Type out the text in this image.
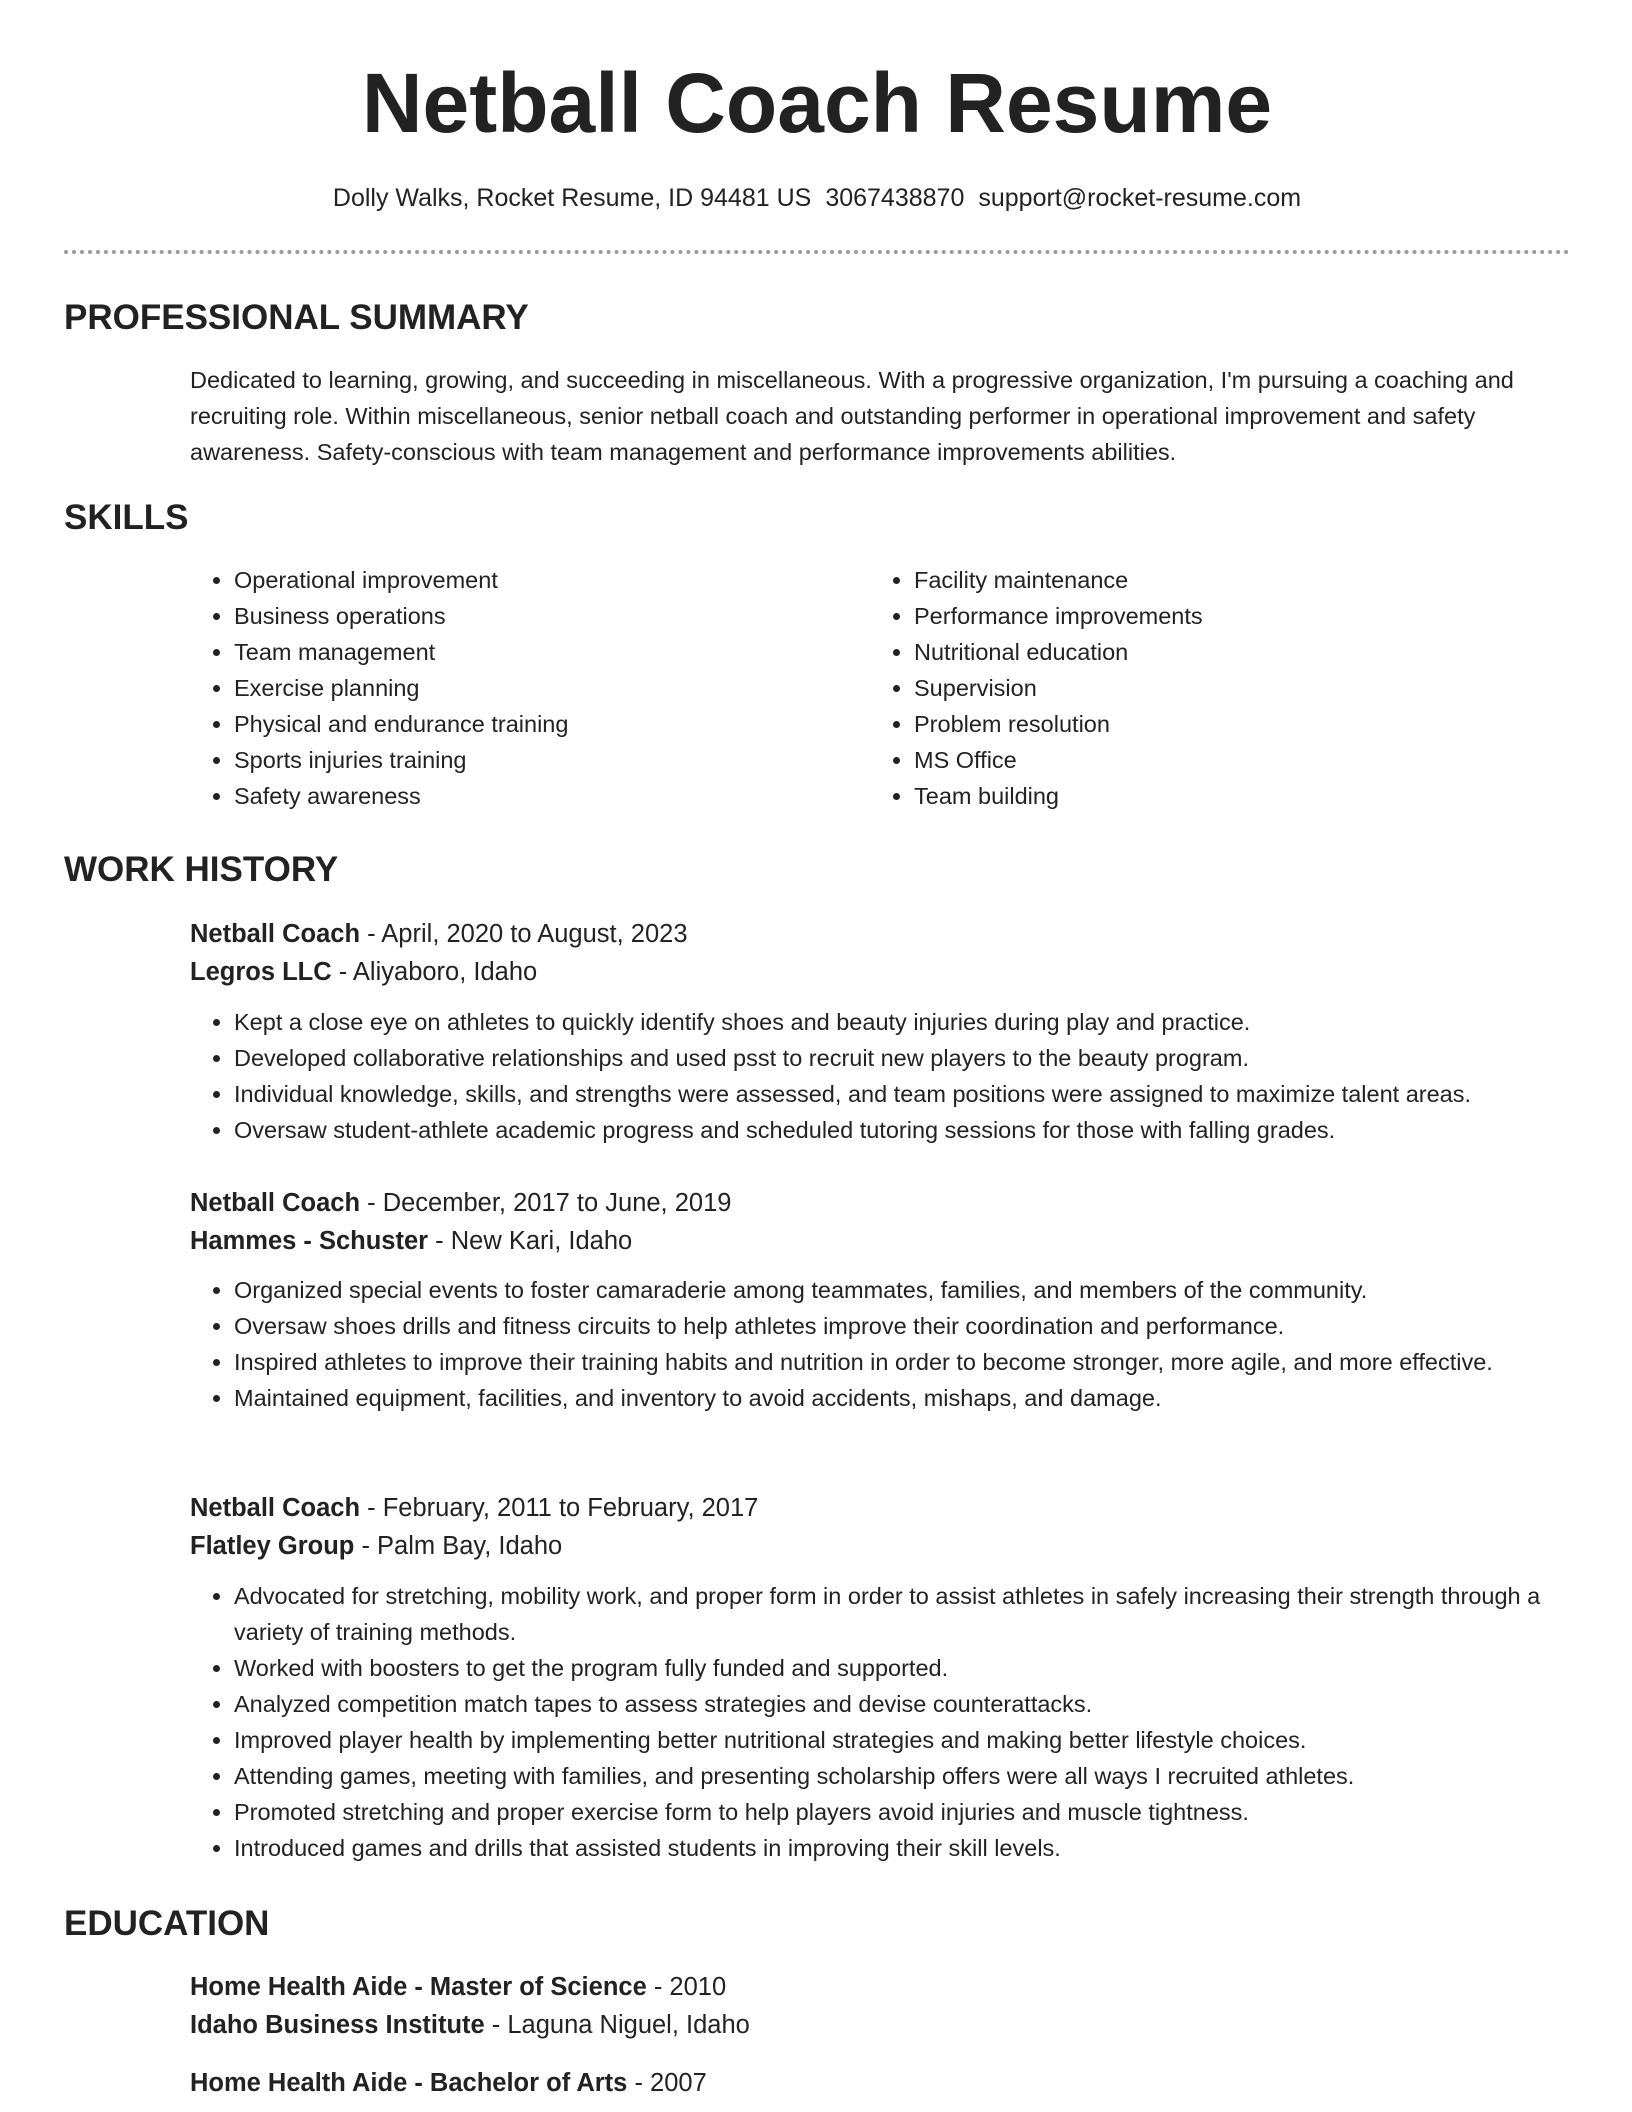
Netball Coach Resume
Dolly Walks, Rocket Resume, ID 94481 US 3067438870 support@rocket-resume.com
PROFESSIONAL SUMMARY
Dedicated to learning, growing, and succeeding in miscellaneous. With a progressive organization, I'm pursuing a coaching and recruiting role. Within miscellaneous, senior netball coach and outstanding performer in operational improvement and safety awareness. Safety-conscious with team management and performance improvements abilities.
SKILLS
• Operational improvement
• Business operations
• Team management
• Exercise planning
• Physical and endurance training
• Sports injuries training
• Safety awareness
• Facility maintenance
• Performance improvements
• Nutritional education
• Supervision
• Problem resolution
• MS Office
• Team building
WORK HISTORY
Netball Coach - April, 2020 to August, 2023
Legros LLC - Aliyaboro, Idaho
• Kept a close eye on athletes to quickly identify shoes and beauty injuries during play and practice.
• Developed collaborative relationships and used psst to recruit new players to the beauty program.
• Individual knowledge, skills, and strengths were assessed, and team positions were assigned to maximize talent areas.
• Oversaw student-athlete academic progress and scheduled tutoring sessions for those with falling grades.
Netball Coach - December, 2017 to June, 2019
Hammes - Schuster - New Kari, Idaho
• Organized special events to foster camaraderie among teammates, families, and members of the community.
• Oversaw shoes drills and fitness circuits to help athletes improve their coordination and performance.
• Inspired athletes to improve their training habits and nutrition in order to become stronger, more agile, and more effective.
• Maintained equipment, facilities, and inventory to avoid accidents, mishaps, and damage.
Netball Coach - February, 2011 to February, 2017
Flatley Group - Palm Bay, Idaho
• Advocated for stretching, mobility work, and proper form in order to assist athletes in safely increasing their strength through a variety of training methods.
• Worked with boosters to get the program fully funded and supported.
• Analyzed competition match tapes to assess strategies and devise counterattacks.
• Improved player health by implementing better nutritional strategies and making better lifestyle choices.
• Attending games, meeting with families, and presenting scholarship offers were all ways I recruited athletes.
• Promoted stretching and proper exercise form to help players avoid injuries and muscle tightness.
• Introduced games and drills that assisted students in improving their skill levels.
EDUCATION
Home Health Aide - Master of Science - 2010
Idaho Business Institute - Laguna Niguel, Idaho
Home Health Aide - Bachelor of Arts - 2007
